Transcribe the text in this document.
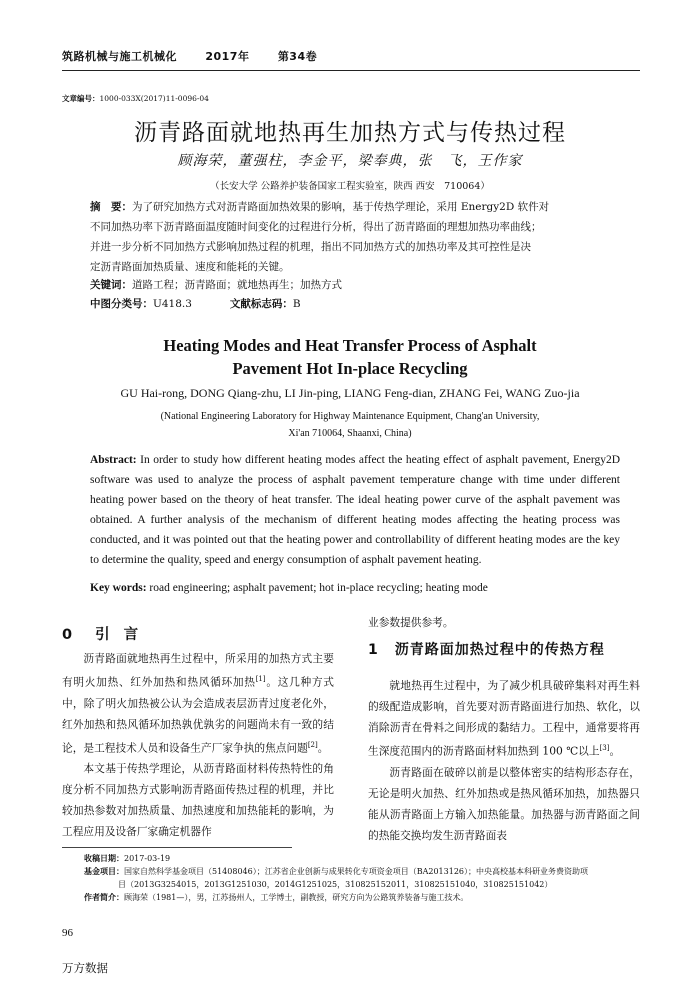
筑路机械与施工机械化	2017年	第34卷
文章编号：1000-033X(2017)11-0096-04
沥青路面就地热再生加热方式与传热过程
顾海荣，董强柱，李金平，梁奉典，张　飞，王作家
（长安大学 公路养护装备国家工程实验室，陕西 西安　710064）
摘　要：为了研究加热方式对沥青路面加热效果的影响，基于传热学理论，采用 Energy2D 软件对
不同加热功率下沥青路面温度随时间变化的过程进行分析，得出了沥青路面的理想加热功率曲线；
并进一步分析不同加热方式影响加热过程的机理，指出不同加热方式的加热功率及其可控性是决
定沥青路面加热质量、速度和能耗的关键。
关键词：道路工程；沥青路面；就地热再生；加热方式
中图分类号：U418.3	文献标志码：B
Heating Modes and Heat Transfer Process of Asphalt
Pavement Hot In-place Recycling
GU Hai-rong, DONG Qiang-zhu, LI Jin-ping, LIANG Feng-dian, ZHANG Fei, WANG Zuo-jia
(National Engineering Laboratory for Highway Maintenance Equipment, Chang'an University,
Xi'an 710064, Shaanxi, China)
Abstract: In order to study how different heating modes affect the heating effect of asphalt pavement, Energy2D software was used to analyze the process of asphalt pavement temperature change with time under different heating power based on the theory of heat transfer. The ideal heating power curve of the asphalt pavement was obtained. A further analysis of the mechanism of different heating modes affecting the heating process was conducted, and it was pointed out that the heating power and controllability of different heating modes are the key to determine the quality, speed and energy consumption of asphalt pavement heating.
Key words: road engineering; asphalt pavement; hot in-place recycling; heating mode
0 引言

沥青路面就地热再生过程中，所采用的加热方式主要有明火加热、红外加热和热风循环加热[1]。这几种方式中，除了明火加热被公认为会造成表层沥青过度老化外，红外加热和热风循环加热孰优孰劣的问题尚未有一致的结论，是工程技术人员和设备生产厂家争执的焦点问题[2]。

本文基于传热学理论，从沥青路面材料传热特性的角度分析不同加热方式影响沥青路面传热过程的机理，并比较加热参数对加热质量、加热速度和加热能耗的影响，为工程应用及设备厂家确定机器作

业参数提供参考。

就地热再生过程中，为了减少机具破碎集料对再生料的级配造成影响，首先要对沥青路面进行加热、软化，以消除沥青在骨料之间形成的黏结力。工程中，通常要将再生深度范围内的沥青路面材料加热到 100 ℃以上[3]。

沥青路面在破碎以前是以整体密实的结构形态存在，无论是明火加热、红外加热或是热风循环加热，加热器只能从沥青路面上方输入加热能量。加热器与沥青路面之间的热能交换均发生沥青路面表

1 沥青路面加热过程中的传热方程
收稿日期：2017-03-19
基金项目：国家自然科学基金项目（51408046）；江苏省企业创新与成果转化专项资金项目（BA2013126）；中央高校基本科研业务费资助项
目（2013G3254015，2013G1251030，2014G1251025，310825152011，310825151040，310825151042）
作者简介：顾海荣（1981—），男，江苏扬州人，工学博士，副教授，研究方向为公路筑养装备与施工技术。
96
万方数据
